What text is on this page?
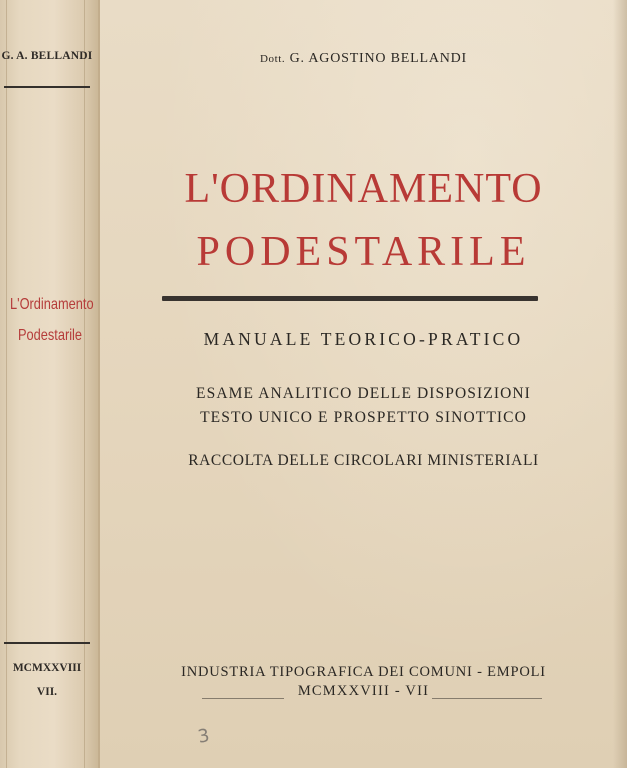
G. A. BELLANDI
L'Ordinamento
Podestarile
MCMXXVIII
VII.
Dott. G. AGOSTINO BELLANDI
L'ORDINAMENTO
PODESTARILE
MANUALE TEORICO-PRATICO
ESAME ANALITICO DELLE DISPOSIZIONI
TESTO UNICO E PROSPETTO SINOTTICO
RACCOLTA DELLE CIRCOLARI MINISTERIALI
INDUSTRIA TIPOGRAFICA DEI COMUNI - EMPOLI
MCMXXVIII - VII
3
